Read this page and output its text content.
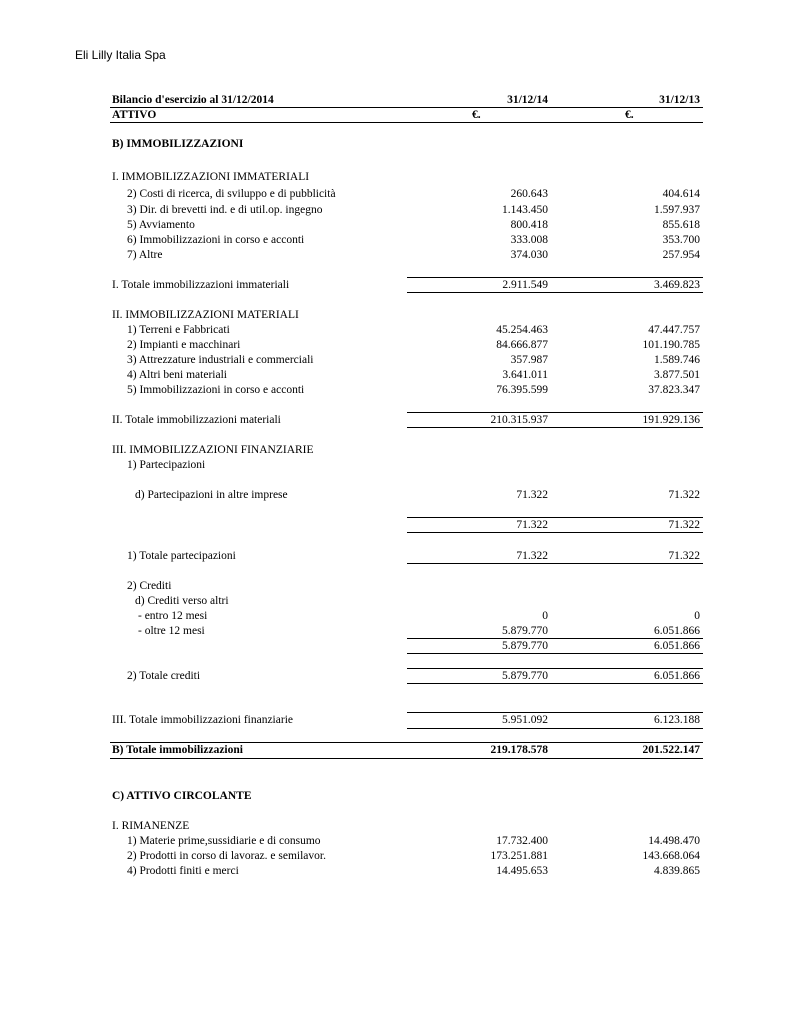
Eli Lilly Italia Spa
Bilancio d'esercizio al 31/12/2014	31/12/14	31/12/13
ATTIVO	€.	€.
B) IMMOBILIZZAZIONI
I. IMMOBILIZZAZIONI IMMATERIALI
2) Costi di ricerca, di sviluppo e di pubblicità	260.643	404.614
3) Dir. di brevetti ind. e di util.op. ingegno	1.143.450	1.597.937
5) Avviamento	800.418	855.618
6) Immobilizzazioni in corso e acconti	333.008	353.700
7) Altre	374.030	257.954
I. Totale immobilizzazioni immateriali	2.911.549	3.469.823
II. IMMOBILIZZAZIONI MATERIALI
1) Terreni e Fabbricati	45.254.463	47.447.757
2) Impianti e macchinari	84.666.877	101.190.785
3) Attrezzature industriali e commerciali	357.987	1.589.746
4) Altri beni materiali	3.641.011	3.877.501
5) Immobilizzazioni in corso e acconti	76.395.599	37.823.347
II. Totale immobilizzazioni materiali	210.315.937	191.929.136
III. IMMOBILIZZAZIONI FINANZIARIE
1) Partecipazioni
d) Partecipazioni in altre imprese	71.322	71.322
71.322	71.322
1) Totale partecipazioni	71.322	71.322
2) Crediti
d) Crediti verso altri
- entro 12 mesi	0	0
- oltre 12 mesi	5.879.770	6.051.866
5.879.770	6.051.866
2) Totale crediti	5.879.770	6.051.866
III. Totale immobilizzazioni finanziarie	5.951.092	6.123.188
B) Totale immobilizzazioni	219.178.578	201.522.147
C) ATTIVO CIRCOLANTE
I. RIMANENZE
1) Materie prime,sussidiarie e di consumo	17.732.400	14.498.470
2) Prodotti in corso di lavoraz. e semilavor.	173.251.881	143.668.064
4) Prodotti finiti e merci	14.495.653	4.839.865
